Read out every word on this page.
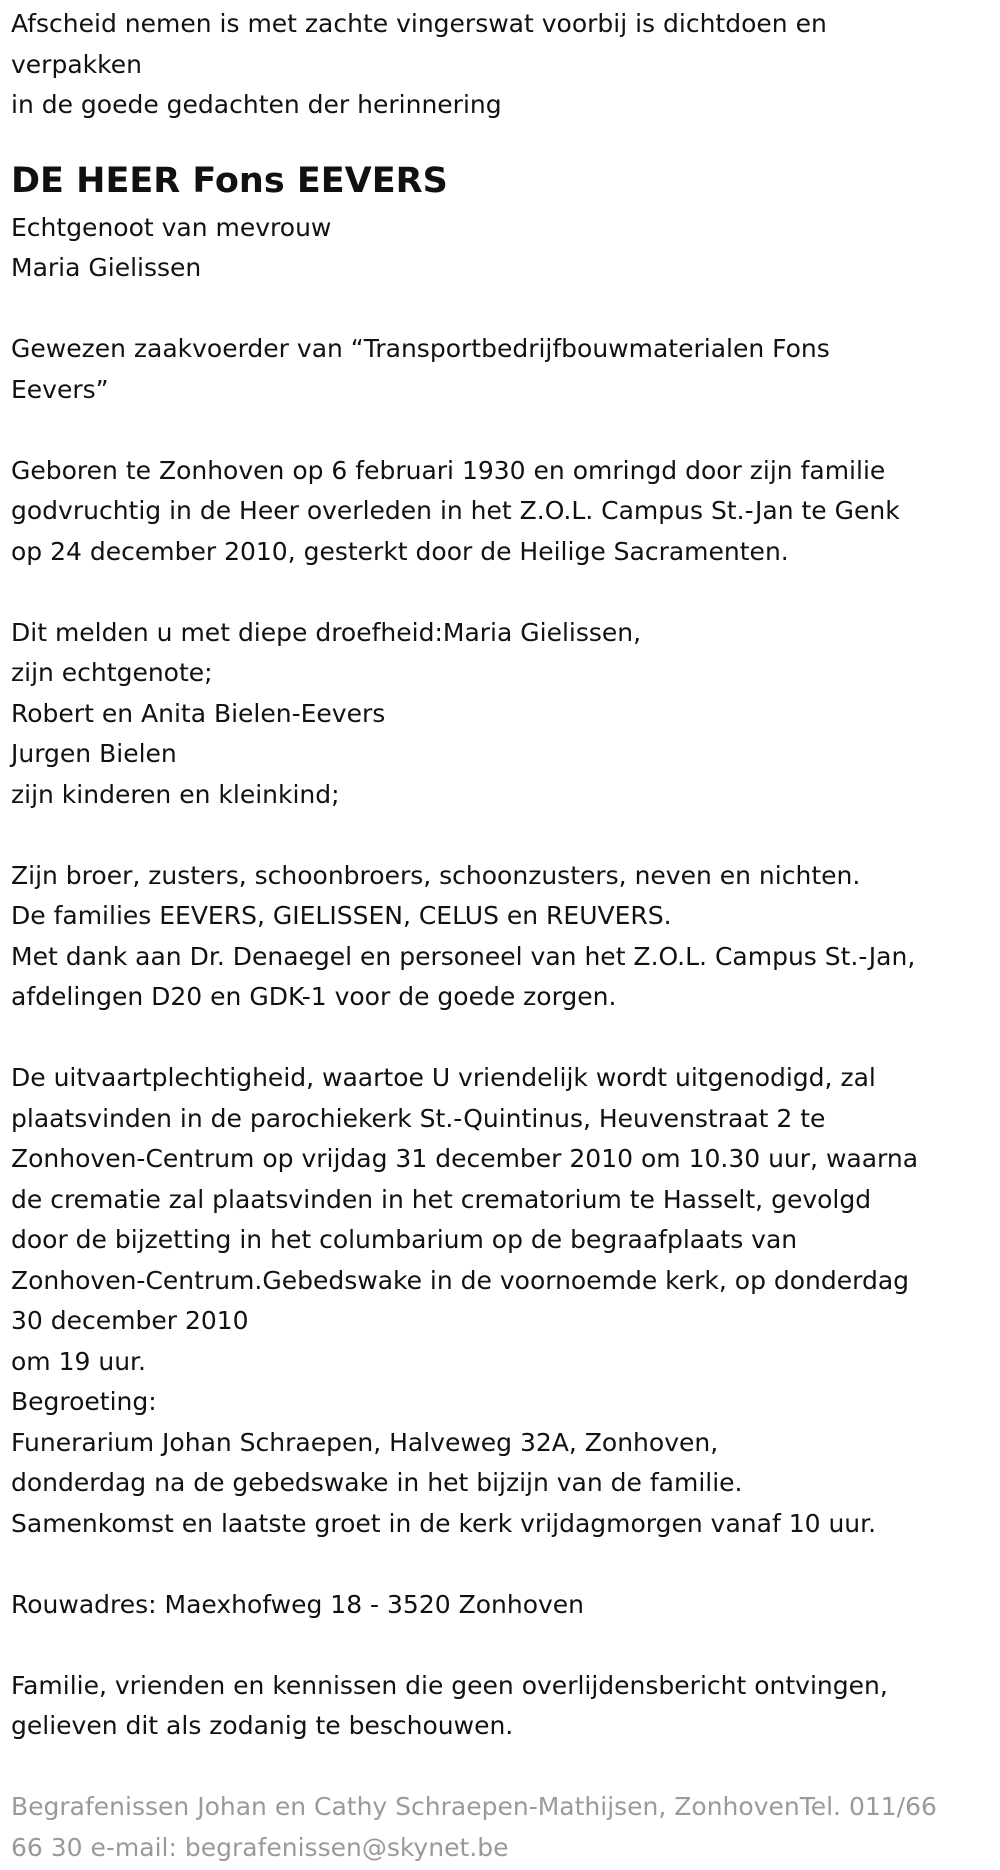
Afscheid nemen is met zachte vingerswat voorbij is dichtdoen en
verpakken
in de goede gedachten der herinnering
DE HEER Fons EEVERS
Echtgenoot van mevrouw
Maria Gielissen
Gewezen zaakvoerder van “Transportbedrijfbouwmaterialen Fons
Eevers”
Geboren te Zonhoven op 6 februari 1930 en omringd door zijn familie
godvruchtig in de Heer overleden in het Z.O.L. Campus St.-Jan te Genk
op 24 december 2010, gesterkt door de Heilige Sacramenten.
Dit melden u met diepe droefheid:Maria Gielissen,
zijn echtgenote;
Robert en Anita Bielen-Eevers
Jurgen Bielen
zijn kinderen en kleinkind;
Zijn broer, zusters, schoonbroers, schoonzusters, neven en nichten.
De families EEVERS, GIELISSEN, CELUS en REUVERS.
Met dank aan Dr. Denaegel en personeel van het Z.O.L. Campus St.-Jan,
afdelingen D20 en GDK-1 voor de goede zorgen.
De uitvaartplechtigheid, waartoe U vriendelijk wordt uitgenodigd, zal
plaatsvinden in de parochiekerk St.-Quintinus, Heuvenstraat 2 te
Zonhoven-Centrum op vrijdag 31 december 2010 om 10.30 uur, waarna
de crematie zal plaatsvinden in het crematorium te Hasselt, gevolgd
door de bijzetting in het columbarium op de begraafplaats van
Zonhoven-Centrum.Gebedswake in de voornoemde kerk, op donderdag
30 december 2010
om 19 uur.
Begroeting:
Funerarium Johan Schraepen, Halveweg 32A, Zonhoven,
donderdag na de gebedswake in het bijzijn van de familie.
Samenkomst en laatste groet in de kerk vrijdagmorgen vanaf 10 uur.
Rouwadres: Maexhofweg 18 - 3520 Zonhoven
Familie, vrienden en kennissen die geen overlijdensbericht ontvingen,
gelieven dit als zodanig te beschouwen.
Begrafenissen Johan en Cathy Schraepen-Mathijsen, ZonhovenTel. 011/66
66 30 e-mail: begrafenissen@skynet.be
